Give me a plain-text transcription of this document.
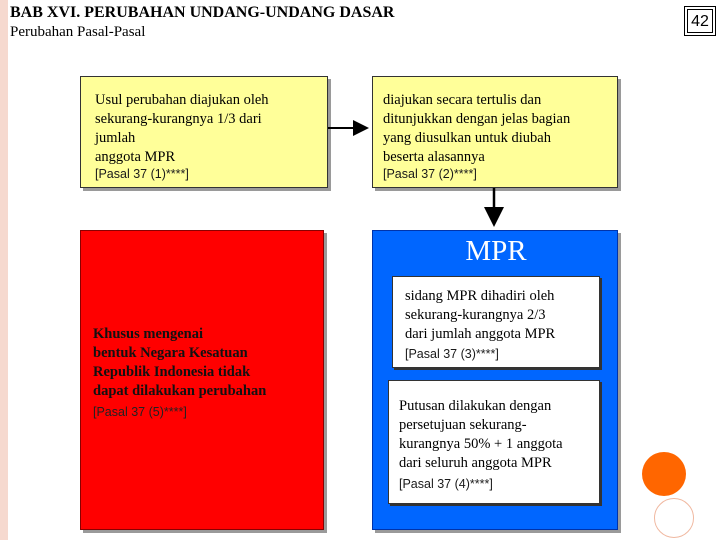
BAB XVI. PERUBAHAN UNDANG-UNDANG DASAR
Perubahan Pasal-Pasal
42
Usul perubahan diajukan oleh
sekurang-kurangnya 1/3 dari
jumlah
anggota MPR
[Pasal 37 (1)****]
diajukan secara tertulis dan
ditunjukkan dengan jelas bagian
yang diusulkan untuk diubah
beserta alasannya
[Pasal 37 (2)****]
Khusus mengenai
bentuk Negara Kesatuan
Republik Indonesia tidak
dapat dilakukan perubahan
[Pasal 37 (5)****]
MPR
sidang MPR dihadiri oleh
sekurang-kurangnya 2/3
dari jumlah anggota MPR
[Pasal 37 (3)****]
Putusan dilakukan dengan
persetujuan sekurang-
kurangnya 50% + 1 anggota
dari seluruh anggota MPR
[Pasal 37 (4)****]
